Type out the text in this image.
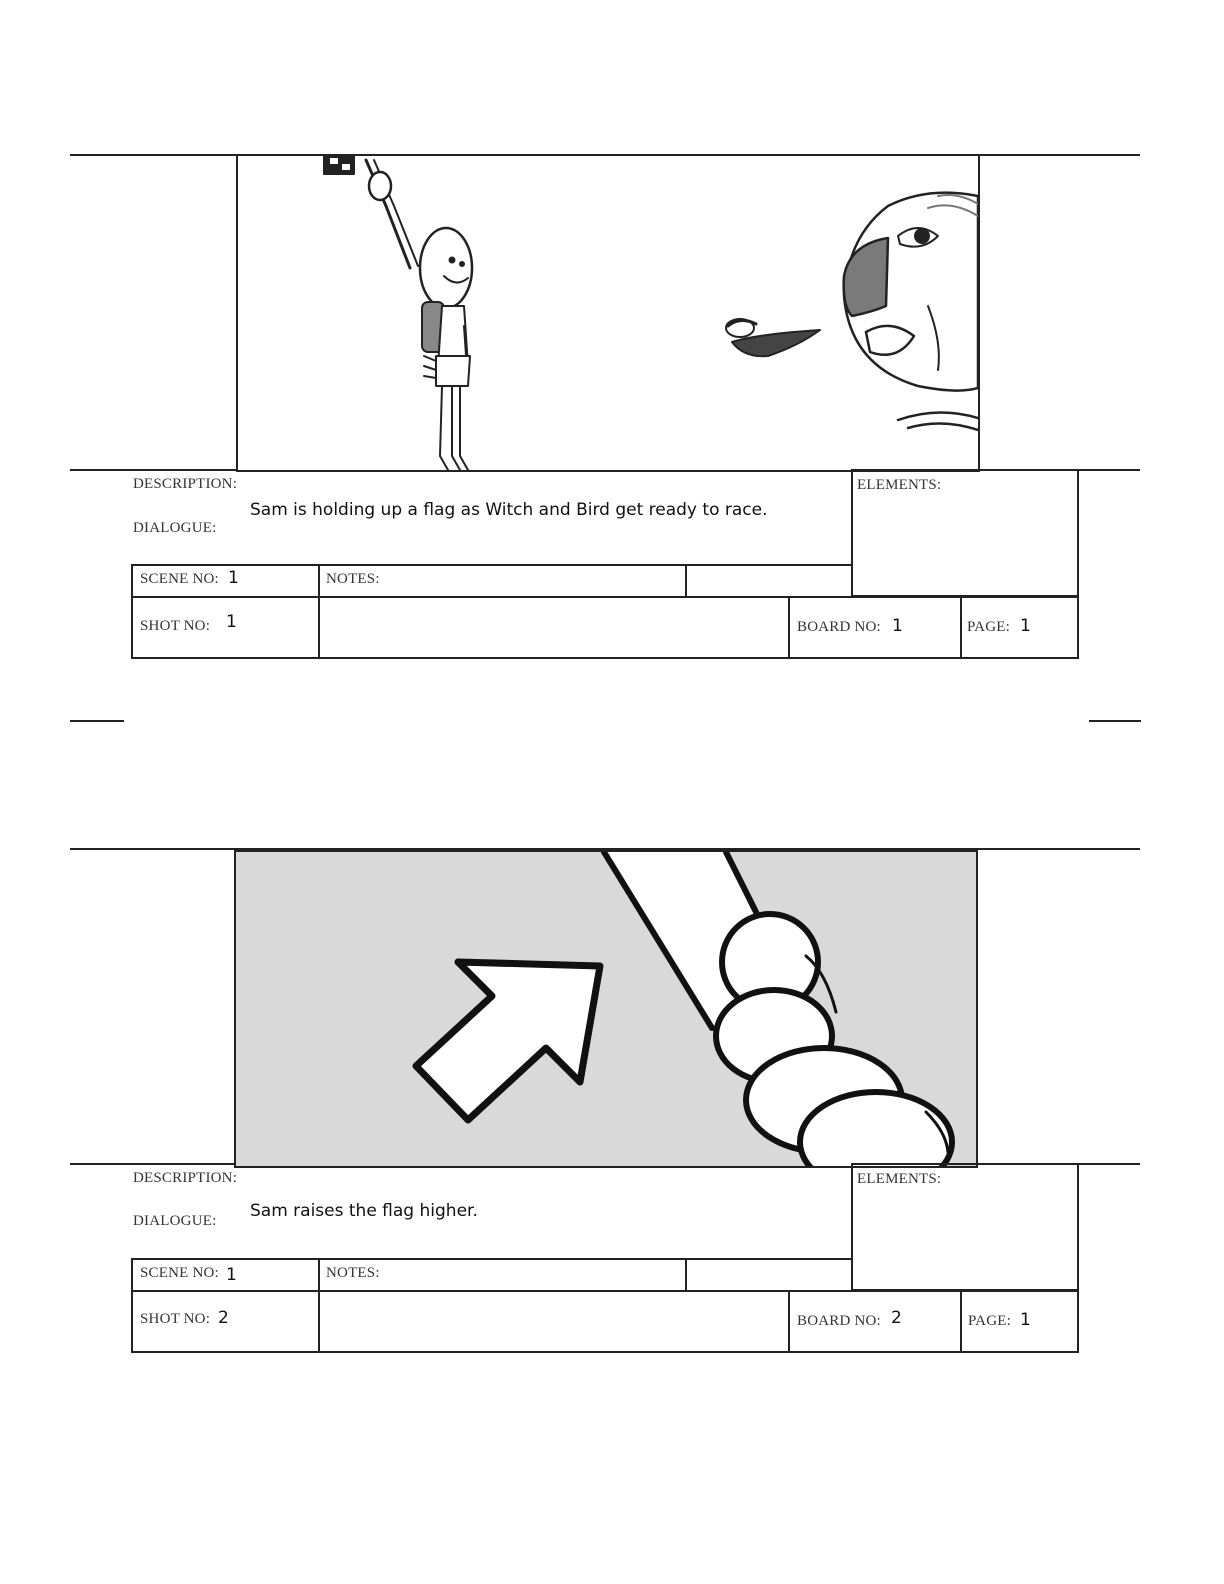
DESCRIPTION:
DIALOGUE:
Sam is holding up a flag as Witch and Bird get ready to race.
ELEMENTS:
SCENE NO: 1	NOTES:
SHOT NO: 1	BOARD NO: 1	PAGE: 1
DESCRIPTION:
DIALOGUE: Sam raises the flag higher.
ELEMENTS:
SCENE NO: 1	NOTES:
SHOT NO: 2	BOARD NO: 2	PAGE: 1
